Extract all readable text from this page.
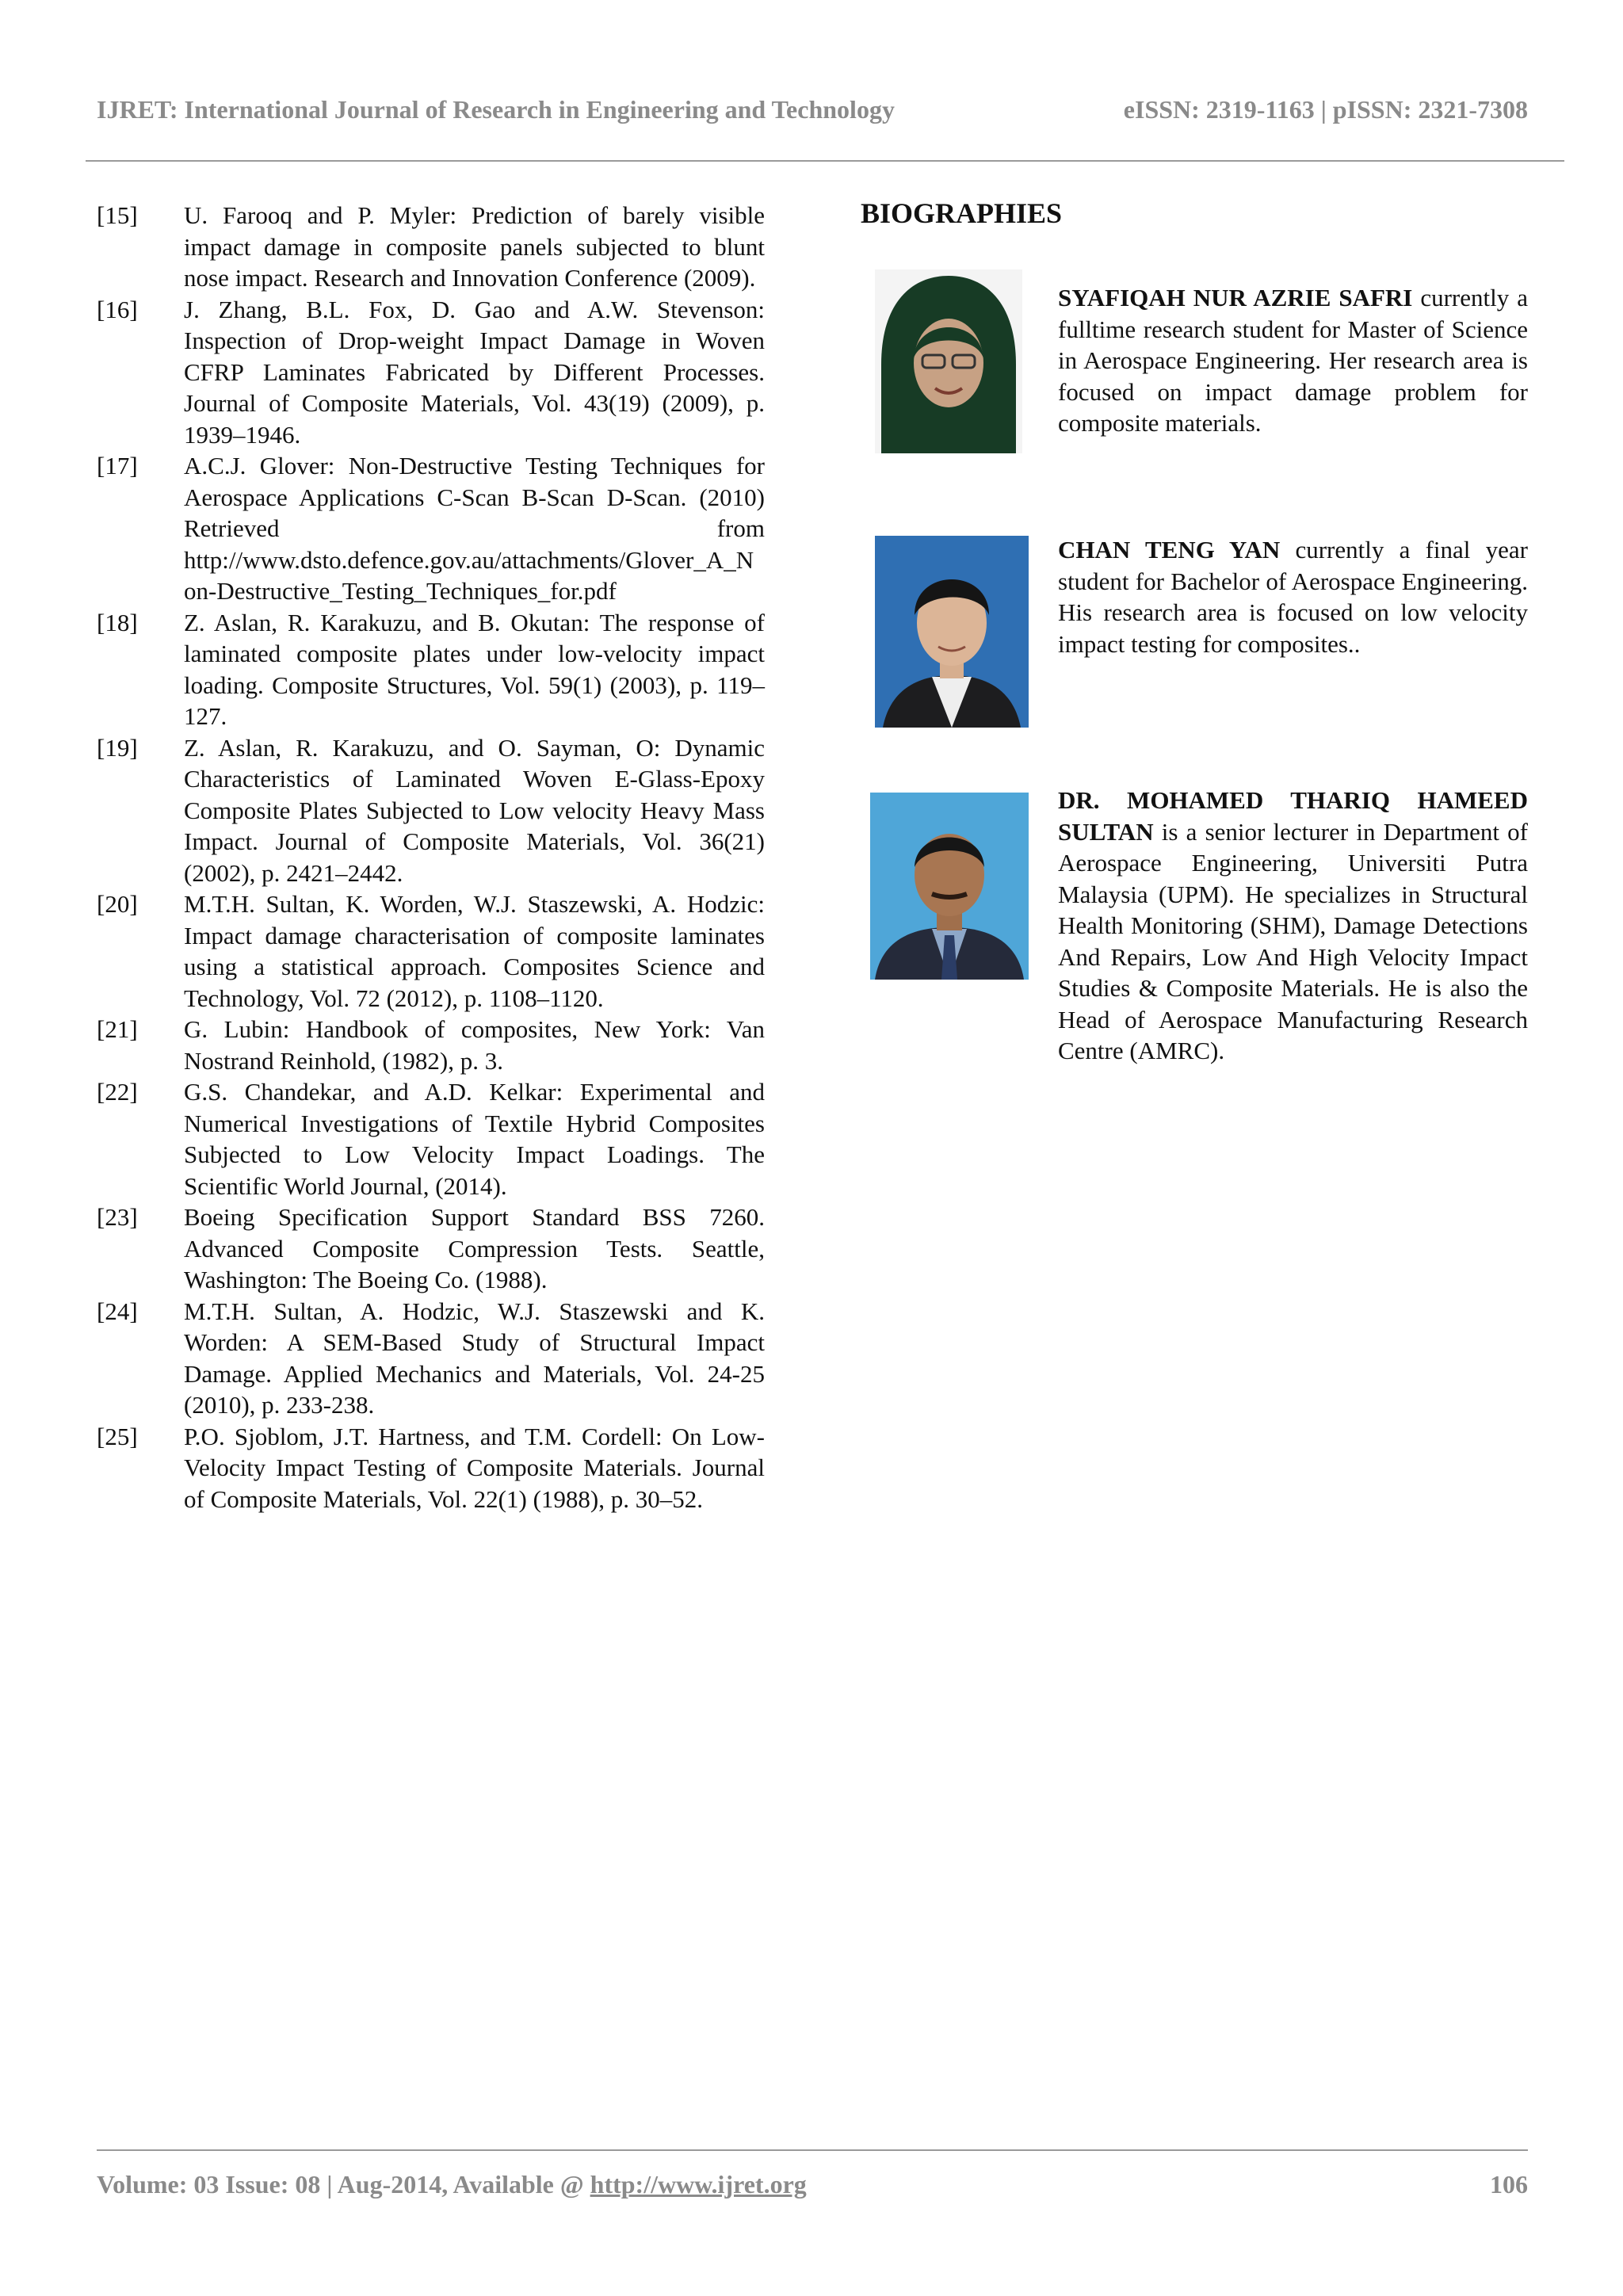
IJRET: International Journal of Research in Engineering and Technology	eISSN: 2319-1163 | pISSN: 2321-7308
[15]	U. Farooq and P. Myler: Prediction of barely visible impact damage in composite panels subjected to blunt nose impact. Research and Innovation Conference (2009).
[16]	J. Zhang, B.L. Fox, D. Gao and A.W. Stevenson: Inspection of Drop-weight Impact Damage in Woven CFRP Laminates Fabricated by Different Processes. Journal of Composite Materials, Vol. 43(19) (2009), p. 1939–1946.
[17]	A.C.J. Glover: Non-Destructive Testing Techniques for Aerospace Applications C-Scan B-Scan D-Scan. (2010) Retrieved from http://www.dsto.defence.gov.au/attachments/Glover_A_Non-Destructive_Testing_Techniques_for.pdf
[18]	Z. Aslan, R. Karakuzu, and B. Okutan: The response of laminated composite plates under low-velocity impact loading. Composite Structures, Vol. 59(1) (2003), p. 119–127.
[19]	Z. Aslan, R. Karakuzu, and O. Sayman, O: Dynamic Characteristics of Laminated Woven E-Glass-Epoxy Composite Plates Subjected to Low velocity Heavy Mass Impact. Journal of Composite Materials, Vol. 36(21) (2002), p. 2421–2442.
[20]	M.T.H. Sultan, K. Worden, W.J. Staszewski, A. Hodzic: Impact damage characterisation of composite laminates using a statistical approach. Composites Science and Technology, Vol. 72 (2012), p. 1108–1120.
[21]	G. Lubin: Handbook of composites, New York: Van Nostrand Reinhold, (1982), p. 3.
[22]	G.S. Chandekar, and A.D. Kelkar: Experimental and Numerical Investigations of Textile Hybrid Composites Subjected to Low Velocity Impact Loadings. The Scientific World Journal, (2014).
[23]	Boeing Specification Support Standard BSS 7260. Advanced Composite Compression Tests. Seattle, Washington: The Boeing Co. (1988).
[24]	M.T.H. Sultan, A. Hodzic, W.J. Staszewski and K. Worden: A SEM-Based Study of Structural Impact Damage. Applied Mechanics and Materials, Vol. 24-25 (2010), p. 233-238.
[25]	P.O. Sjoblom, J.T. Hartness, and T.M. Cordell: On Low-Velocity Impact Testing of Composite Materials. Journal of Composite Materials, Vol. 22(1) (1988), p. 30–52.
BIOGRAPHIES
SYAFIQAH NUR AZRIE SAFRI currently a fulltime research student for Master of Science in Aerospace Engineering. Her research area is focused on impact damage problem for composite materials.
CHAN TENG YAN currently a final year student for Bachelor of Aerospace Engineering. His research area is focused on low velocity impact testing for composites..
DR. MOHAMED THARIQ HAMEED SULTAN is a senior lecturer in Department of Aerospace Engineering, Universiti Putra Malaysia (UPM). He specializes in Structural Health Monitoring (SHM), Damage Detections And Repairs, Low And High Velocity Impact Studies & Composite Materials. He is also the Head of Aerospace Manufacturing Research Centre (AMRC).
Volume: 03 Issue: 08 | Aug-2014, Available @ http://www.ijret.org	106
